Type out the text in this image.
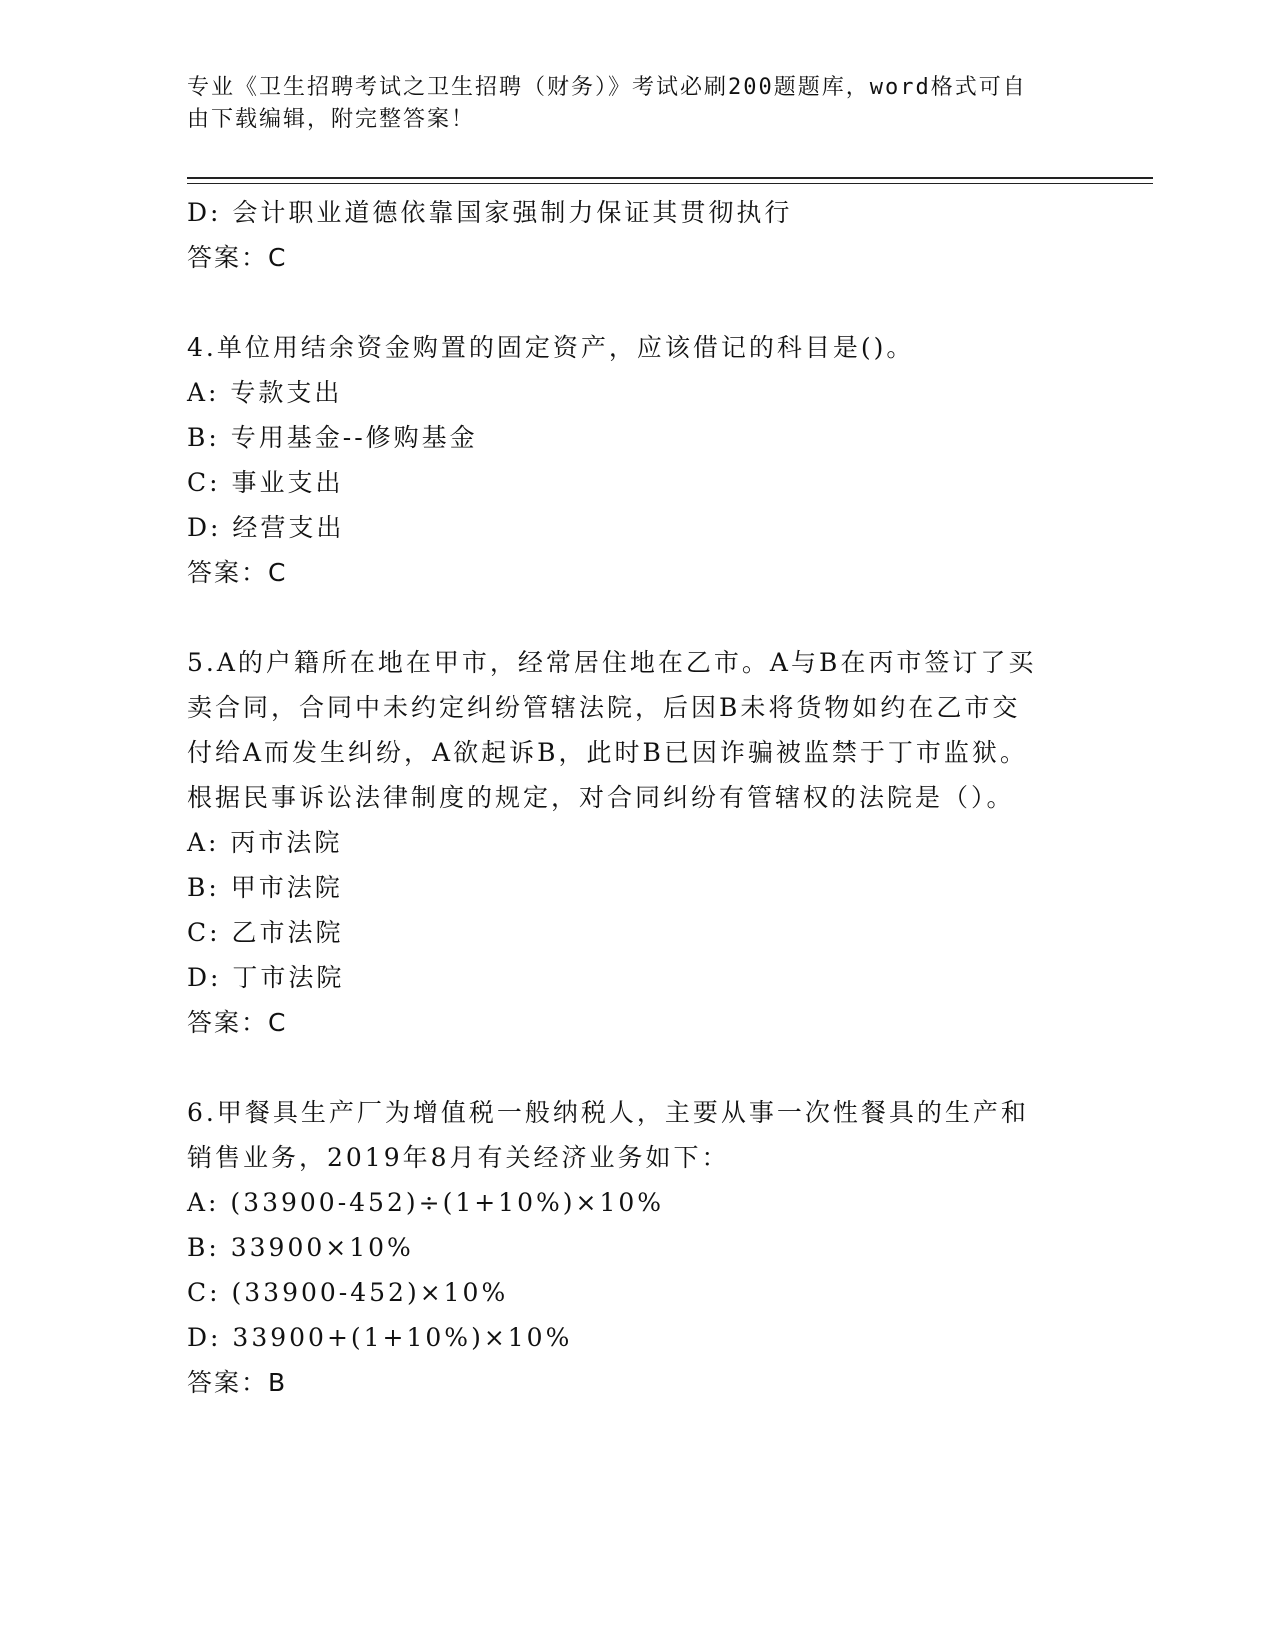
专业《卫生招聘考试之卫生招聘（财务）》考试必刷200题题库，word格式可自
由下载编辑，附完整答案！
D: 会计职业道德依靠国家强制力保证其贯彻执行
答案：C
4.单位用结余资金购置的固定资产，应该借记的科目是()。
A: 专款支出
B: 专用基金--修购基金
C: 事业支出
D: 经营支出
答案：C
5.A的户籍所在地在甲市，经常居住地在乙市。A与B在丙市签订了买
卖合同，合同中未约定纠纷管辖法院，后因B未将货物如约在乙市交
付给A而发生纠纷，A欲起诉B，此时B已因诈骗被监禁于丁市监狱。
根据民事诉讼法律制度的规定，对合同纠纷有管辖权的法院是（）。
A: 丙市法院
B: 甲市法院
C: 乙市法院
D: 丁市法院
答案：C
6.甲餐具生产厂为增值税一般纳税人，主要从事一次性餐具的生产和
销售业务，2019年8月有关经济业务如下：
A: (33900-452)÷(1+10%)×10%
B: 33900×10%
C: (33900-452)×10%
D: 33900+(1+10%)×10%
答案：B
